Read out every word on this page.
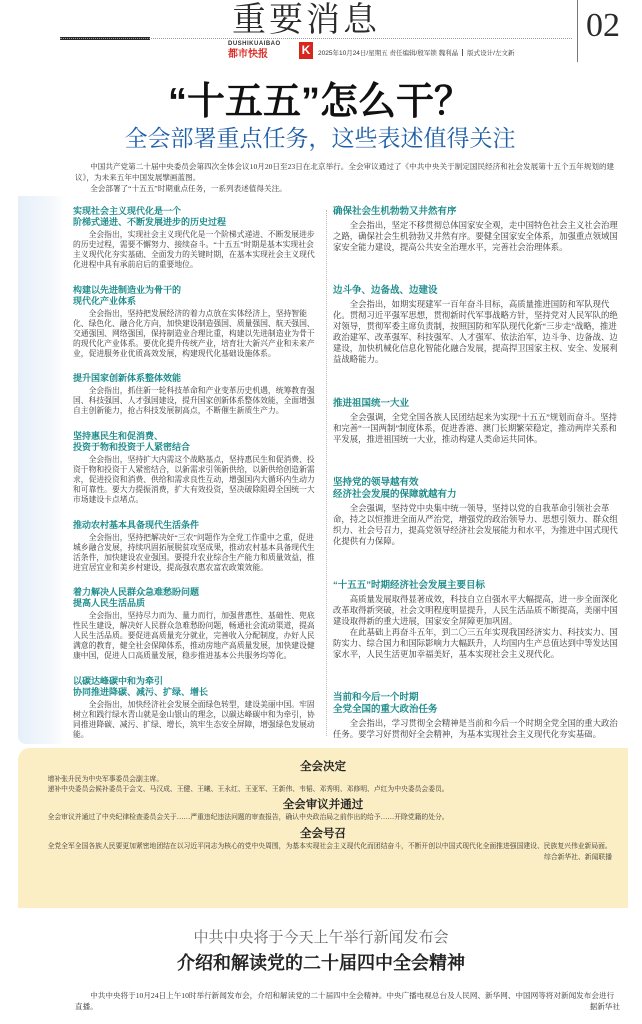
重要消息
DUSHIKUAIBAO
都市快报	K	2025年10月24日/星期五 责任编辑/殷军锁 魏利晶 版式设计/左文新
02
“十五五”怎么干？
全会部署重点任务，这些表述值得关注

中国共产党第二十届中央委员会第四次全体会议10月20日至23日在北京举行。全会审议通过了《中共中央关于制定国民经济和社会发展第十五个五年规划的建议》，为未来五年中国发展擘画蓝图。

全会部署了“十五五”时期重点任务，一系列表述值得关注。

实现社会主义现代化是一个
阶梯式递进、不断发展进步的历史过程

全会指出，实现社会主义现代化是一个阶梯式递进、不断发展进步的历史过程，需要不懈努力、接续奋斗。“十五五”时期是基本实现社会主义现代化夯实基础、全面发力的关键时期，在基本实现社会主义现代化进程中具有承前启后的重要地位。

构建以先进制造业为骨干的
现代化产业体系

全会指出，坚持把发展经济的着力点放在实体经济上，坚持智能化、绿色化、融合化方向，加快建设制造强国、质量强国、航天强国、交通强国、网络强国，保持制造业合理比重，构建以先进制造业为骨干的现代化产业体系。要优化提升传统产业，培育壮大新兴产业和未来产业，促进服务业优质高效发展，构建现代化基础设施体系。

提升国家创新体系整体效能

全会指出，抓住新一轮科技革命和产业变革历史机遇，统筹教育强国、科技强国、人才强国建设，提升国家创新体系整体效能，全面增强自主创新能力，抢占科技发展制高点，不断催生新质生产力。

坚持惠民生和促消费、
投资于物和投资于人紧密结合

全会指出，坚持扩大内需这个战略基点，坚持惠民生和促消费、投资于物和投资于人紧密结合，以新需求引领新供给，以新供给创造新需求，促进投资和消费、供给和需求良性互动，增强国内大循环内生动力和可靠性。要大力提振消费，扩大有效投资，坚决破除阻碍全国统一大市场建设卡点堵点。

推动农村基本具备现代生活条件

全会指出，坚持把解决好“三农”问题作为全党工作重中之重，促进城乡融合发展，持续巩固拓展脱贫攻坚成果，推动农村基本具备现代生活条件，加快建设农业强国。要提升农业综合生产能力和质量效益，推进宜居宜业和美乡村建设，提高强农惠农富农政策效能。

着力解决人民群众急难愁盼问题
提高人民生活品质

全会指出，坚持尽力而为、量力而行，加强普惠性、基础性、兜底性民生建设，解决好人民群众急难愁盼问题，畅通社会流动渠道，提高人民生活品质。要促进高质量充分就业，完善收入分配制度，办好人民满意的教育，健全社会保障体系，推动房地产高质量发展，加快建设健康中国，促进人口高质量发展，稳步推进基本公共服务均等化。

以碳达峰碳中和为牵引
协同推进降碳、减污、扩绿、增长

全会指出，加快经济社会发展全面绿色转型，建设美丽中国。牢固树立和践行绿水青山就是金山银山的理念，以碳达峰碳中和为牵引，协同推进降碳、减污、扩绿、增长，筑牢生态安全屏障，增强绿色发展动能。

确保社会生机勃勃又井然有序

全会指出，坚定不移贯彻总体国家安全观，走中国特色社会主义社会治理之路，确保社会生机勃勃又井然有序。要健全国家安全体系，加强重点领域国家安全能力建设，提高公共安全治理水平，完善社会治理体系。

边斗争、边备战、边建设

全会指出，如期实现建军一百年奋斗目标，高质量推进国防和军队现代化。贯彻习近平强军思想，贯彻新时代军事战略方针，坚持党对人民军队的绝对领导，贯彻军委主席负责制，按照国防和军队现代化新“三步走”战略，推进政治建军、改革强军、科技强军、人才强军、依法治军，边斗争、边备战、边建设，加快机械化信息化智能化融合发展，提高捍卫国家主权、安全、发展利益战略能力。

推进祖国统一大业

全会强调，全党全国各族人民团结起来为实现“十五五”规划而奋斗。坚持和完善“一国两制”制度体系，促进香港、澳门长期繁荣稳定，推动两岸关系和平发展，推进祖国统一大业，推动构建人类命运共同体。

坚持党的领导越有效
经济社会发展的保障就越有力

全会强调，坚持党中央集中统一领导，坚持以党的自我革命引领社会革命，持之以恒推进全面从严治党，增强党的政治领导力、思想引领力、群众组织力、社会号召力，提高党领导经济社会发展能力和水平，为推进中国式现代化提供有力保障。

“十五五”时期经济社会发展主要目标

高质量发展取得显著成效，科技自立自强水平大幅提高，进一步全面深化改革取得新突破，社会文明程度明显提升，人民生活品质不断提高，美丽中国建设取得新的重大进展，国家安全屏障更加巩固。

在此基础上再奋斗五年，到二〇三五年实现我国经济实力、科技实力、国防实力、综合国力和国际影响力大幅跃升，人均国内生产总值达到中等发达国家水平，人民生活更加幸福美好，基本实现社会主义现代化。

当前和今后一个时期
全党全国的重大政治任务

全会指出，学习贯彻全会精神是当前和今后一个时期全党全国的重大政治任务。要学习好贯彻好全会精神，为基本实现社会主义现代化夯实基础。

全会决定

增补张升民为中央军事委员会副主席。

递补中央委员会候补委员于会文、马汉成、王健、王曦、王永红、王亚军、王新伟、韦韬、邓秀明、邓修明、卢红为中央委员会委员。

全会审议并通过

全会审议并通过了中央纪律检查委员会关于……严重违纪违法问题的审查报告，确认中央政治局之前作出的给予……开除党籍的处分。

全会号召

全党全军全国各族人民要更加紧密地团结在以习近平同志为核心的党中央周围，为基本实现社会主义现代化而团结奋斗，不断开创以中国式现代化全面推进强国建设、民族复兴伟业新局面。

综合新华社、新闻联播
中共中央将于今天上午举行新闻发布会
介绍和解读党的二十届四中全会精神

中共中央将于10月24日上午10时举行新闻发布会，介绍和解读党的二十届四中全会精神。中央广播电视总台及人民网、新华网、中国网等将对新闻发布会进行直播。	据新华社
